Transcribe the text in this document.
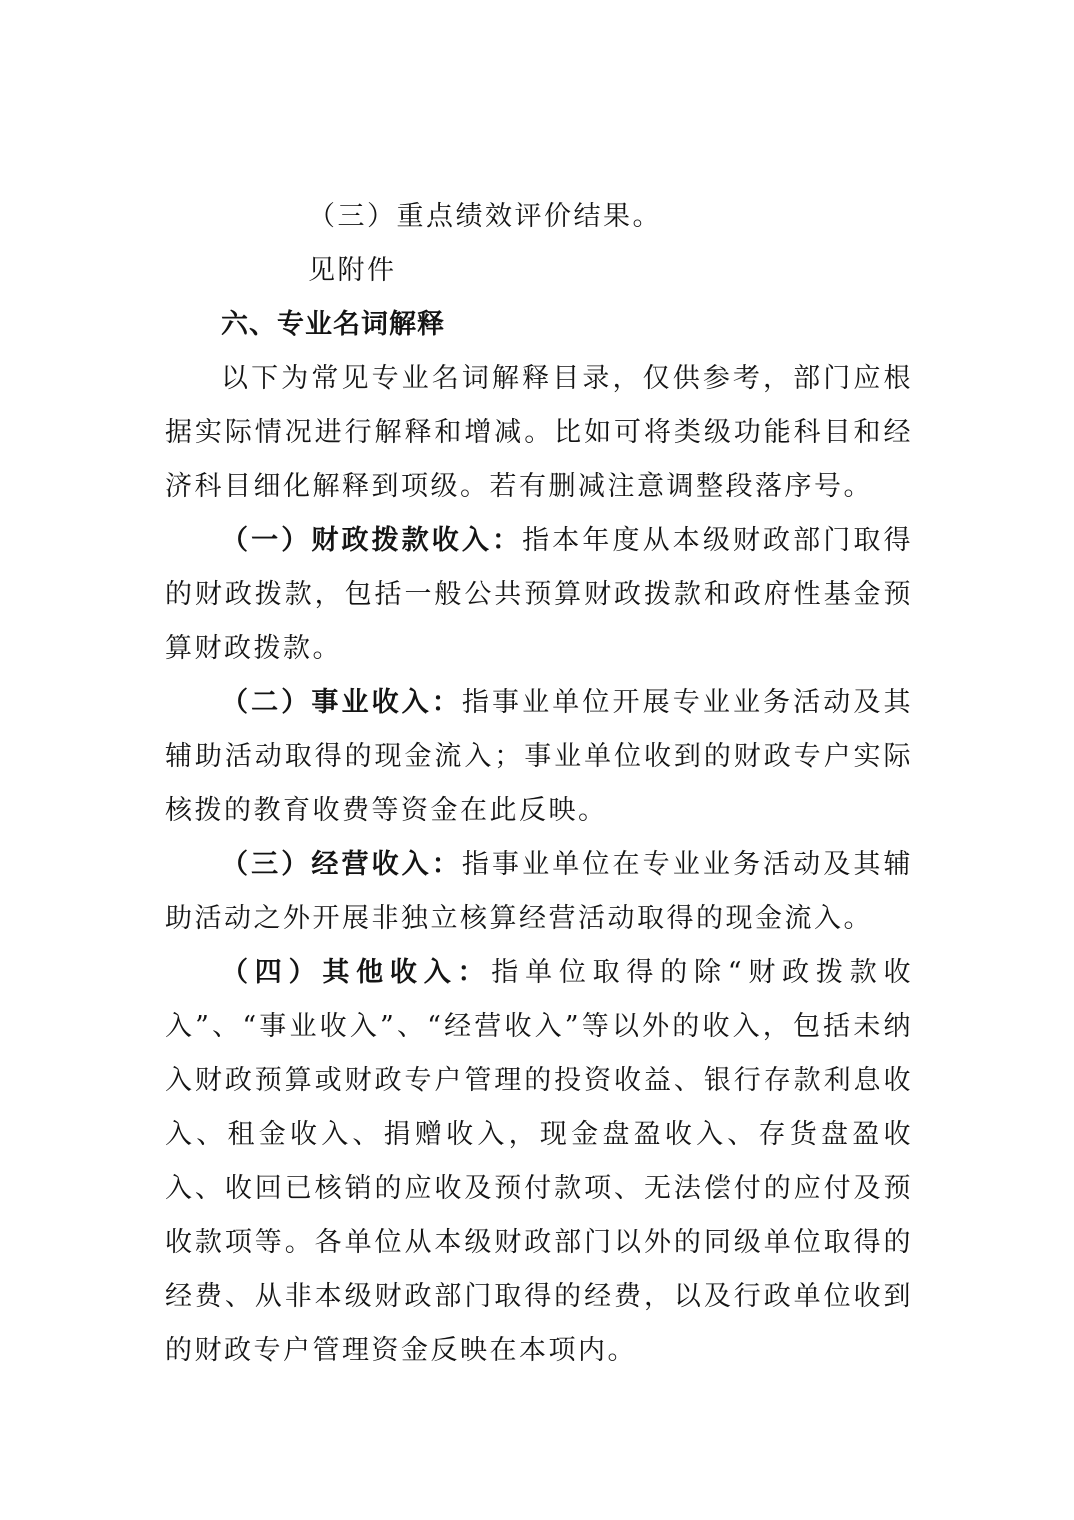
（三）重点绩效评价结果。
见附件
六、专业名词解释

以下为常见专业名词解释目录，仅供参考，部门应根据实际情况进行解释和增减。比如可将类级功能科目和经济科目细化解释到项级。若有删减注意调整段落序号。

（一）财政拨款收入：指本年度从本级财政部门取得的财政拨款，包括一般公共预算财政拨款和政府性基金预算财政拨款。

（二）事业收入：指事业单位开展专业业务活动及其辅助活动取得的现金流入；事业单位收到的财政专户实际核拨的教育收费等资金在此反映。

（三）经营收入：指事业单位在专业业务活动及其辅助活动之外开展非独立核算经营活动取得的现金流入。

（四）其他收入：指单位取得的除“财政拨款收入”、“事业收入”、“经营收入”等以外的收入，包括未纳入财政预算或财政专户管理的投资收益、银行存款利息收入、租金收入、捐赠收入，现金盘盈收入、存货盘盈收入、收回已核销的应收及预付款项、无法偿付的应付及预收款项等。各单位从本级财政部门以外的同级单位取得的经费、从非本级财政部门取得的经费，以及行政单位收到的财政专户管理资金反映在本项内。
